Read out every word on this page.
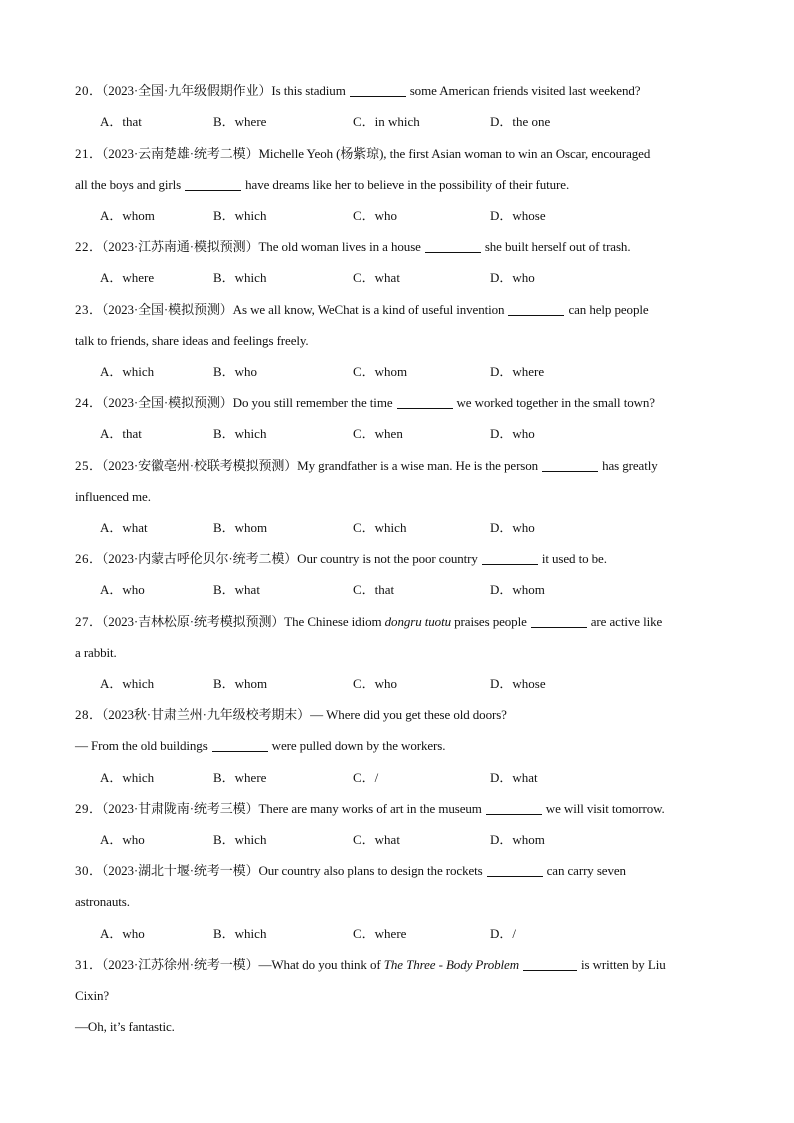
20．（2023·全国·九年级假期作业）Is this stadium	some American friends visited last weekend?
A．that	B．where	C．in which	D．the one
21．（2023·云南楚雄·统考二模）Michelle Yeoh (杨紫琼), the first Asian woman to win an Oscar, encouraged
all the boys and girls	have dreams like her to believe in the possibility of their future.
A．whom	B．which	C．who	D．whose
22．（2023·江苏南通·模拟预测）The old woman lives in a house	she built herself out of trash.
A．where	B．which	C．what	D．who
23．（2023·全国·模拟预测）As we all know, WeChat is a kind of useful invention	can help people
talk to friends, share ideas and feelings freely.
A．which	B．who	C．whom	D．where
24．（2023·全国·模拟预测）Do you still remember the time	we worked together in the small town?
A．that	B．which	C．when	D．who
25．（2023·安徽亳州·校联考模拟预测）My grandfather is a wise man. He is the person	has greatly
influenced me.
A．what	B．whom	C．which	D．who
26．（2023·内蒙古呼伦贝尔·统考二模）Our country is not the poor country	it used to be.
A．who	B．what	C．that	D．whom
27．（2023·吉林松原·统考模拟预测）The Chinese idiom dongru tuotu praises people	are active like
a rabbit.
A．which	B．whom	C．who	D．whose
28．（2023秋·甘肃兰州·九年级校考期末）— Where did you get these old doors?
— From the old buildings	were pulled down by the workers.
A．which	B．where	C．/	D．what
29．（2023·甘肃陇南·统考三模）There are many works of art in the museum	we will visit tomorrow.
A．who	B．which	C．what	D．whom
30．（2023·湖北十堰·统考一模）Our country also plans to design the rockets	can carry seven
astronauts.
A．who	B．which	C．where	D．/
31．（2023·江苏徐州·统考一模）—What do you think of The Three - Body Problem	is written by Liu
Cixin?
—Oh, it’s fantastic.
